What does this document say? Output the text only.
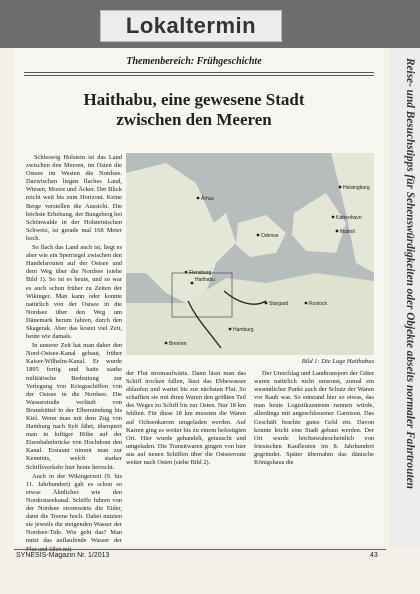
Lokaltermin
Reise- und Besuchstipps für Sehenswürdigkeiten oder Objekte abseits normaler Fahrtrouten
Themenbereich: Frühgeschichte
Haithabu, eine gewesene Stadt
zwischen den Meeren

Schleswig Holstein ist das Land zwischen den Meeren, im Osten die Ostsee im Westen die Nordsee. Dazwischen liegen flaches Land, Wiesen, Moore und Äcker. Der Blick reicht weit bis zum Horizont. Keine Berge verstellen die Aussicht. Die höchste Erhebung, der Bungsberg bei Schönwalde in der Holsteinischen Schweiz, ist gerade mal 168 Meter hoch.

So flach das Land auch ist, liegt es aber wie ein Sperriegel zwischen den Handelsrouten auf der Ostsee und dem Weg über die Nordsee (siehe Bild 1). So ist es heute, und so war es auch schon früher zu Zeiten der Wikinger. Man kann oder konnte natürlich von der Ostsee in die Nordsee über den Weg um Dänemark herum fahren, durch den Skagerak. Aber das kostet viel Zeit, heute wie damals.

In unserer Zeit hat man daher den Nord-Ostsee-Kanal gebaut, früher Kaiser-Wilhelm-Kanal. Er wurde 1895 fertig und hatte starke militärische Bedeutung zur Verlegung von Kriegsschiffen von der Ostsee in die Nordsee. Die Wasserstraße verläuft von Brunsbüttel in der Elbemündung bis Kiel. Wenn man mit dem Zug von Hamburg nach Sylt fährt, überquert man in luftiger Höhe auf der Eisenbahnbrücke von Hochdonn den Kanal. Erstaunt nimmt man zur Kenntnis, welch starker Schiffsverkehr hier heute herrscht.

Auch in der Wikingerzeit (9. bis 11. Jahrhundert) gab es schon so etwas Ähnliches wie den Nordostseekanal. Schiffe fuhren von der Nordsee stromwärts die Eider, dann die Treene hoch. Dabei nutzten sie jeweils die steigenden Wasser der Nordsee-Tide. Wie geht das? Man nutzt das auflaufende Wasser der

Århus
Odense
København
Helsingborg
Malmö
Haithabu
Flensburg
Stargard	Rostock
Hamburg
Bremen
Bild 1: Die Lage Haithabus

der Flut stromaufwärts. Dann lässt man das Schiff trocken fallen, lässt das Ebbewasser ablaufen und wartet bis zur nächsten Flut. So schafften sie mit ihren Waren den größten Teil des Weges zu Schiff bis zur Osten. Nur 18 km fehlten. Für diese 18 km mussten die Waren auf Ochsenkarren umgeladen werden. Auf Karren ging es weiter bis zu einem befestigten Ort. Hier wurde gehandelt, getauscht und umgeladen. Die Transitwaren gingen von hier aus auf neuen Schiffen über die Ostseeroute weiter nach Osten (siehe Bild 2).

Der Umschlag und Landtransport der Güter waren natürlich nicht umsonst, zumal ein wesentlicher Punkt auch der Schutz der Waren vor Raub war. So entstand hier so etwas, das man heute Logistikzentrum nennen würde, allerdings mit angeschlossener Garnison. Das Geschäft brachte gutes Geld ein. Davon konnte leicht eine Stadt gebaut werden. Der Ort wurde höchstwahrscheinlich von friesischen Kaufleuten im 8. Jahrhundert gegründet. Später übernahm das dänische Königshaus die

SYNESIS-Magazin Nr. 1/2013	43
